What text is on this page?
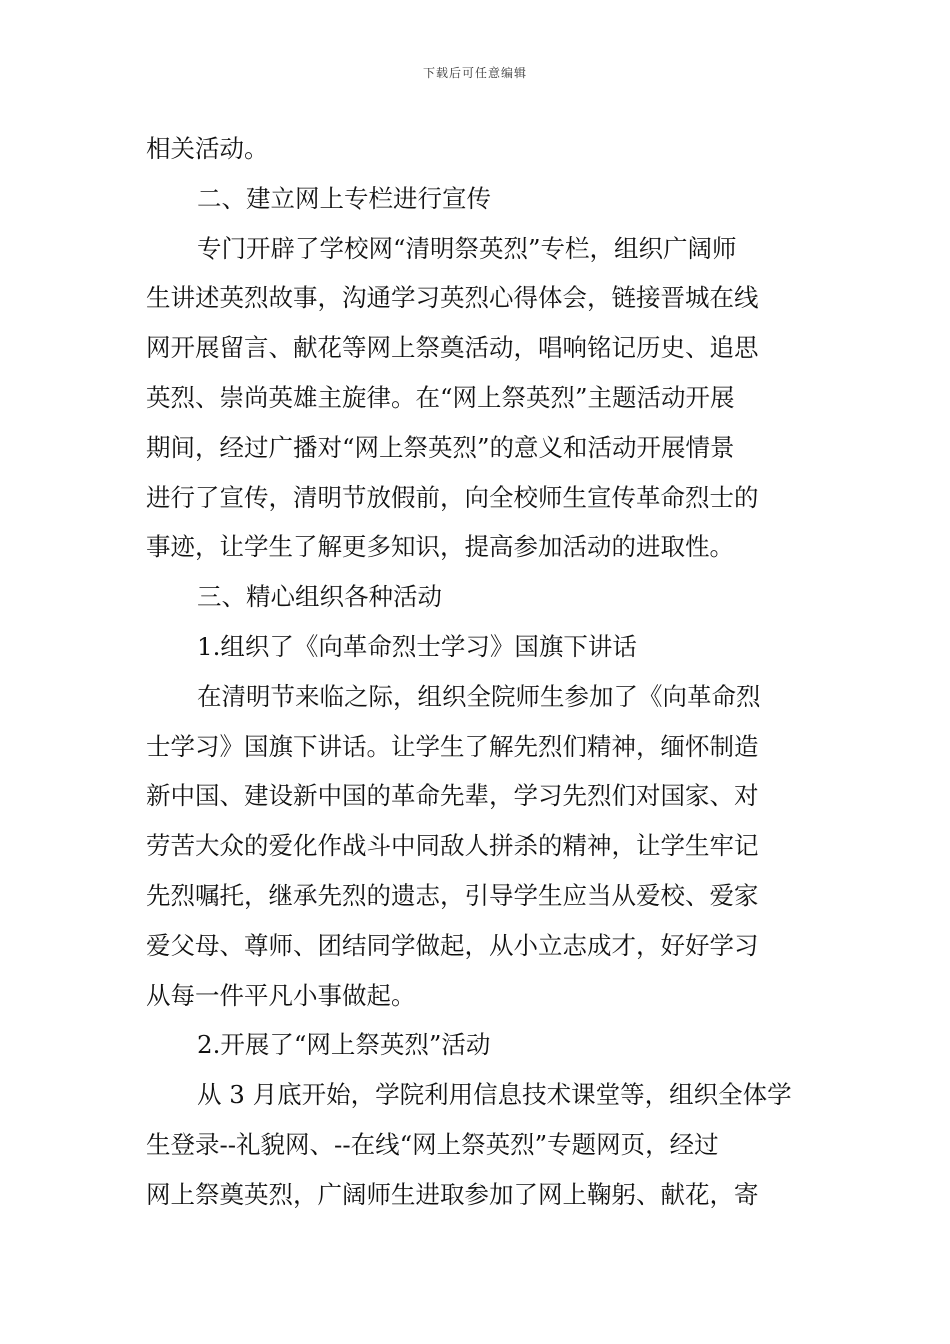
下载后可任意编辑
相关活动。
二、建立网上专栏进行宣传
专门开辟了学校网“清明祭英烈”专栏，组织广阔师
生讲述英烈故事，沟通学习英烈心得体会，链接晋城在线
网开展留言、献花等网上祭奠活动，唱响铭记历史、追思
英烈、崇尚英雄主旋律。在“网上祭英烈”主题活动开展
期间，经过广播对“网上祭英烈”的意义和活动开展情景
进行了宣传，清明节放假前，向全校师生宣传革命烈士的
事迹，让学生了解更多知识，提高参加活动的进取性。
三、精心组织各种活动
1.组织了《向革命烈士学习》国旗下讲话
在清明节来临之际，组织全院师生参加了《向革命烈
士学习》国旗下讲话。让学生了解先烈们精神，缅怀制造
新中国、建设新中国的革命先辈，学习先烈们对国家、对
劳苦大众的爱化作战斗中同敌人拼杀的精神，让学生牢记
先烈嘱托，继承先烈的遗志，引导学生应当从爱校、爱家
爱父母、尊师、团结同学做起，从小立志成才，好好学习
从每一件平凡小事做起。
2.开展了“网上祭英烈”活动
从 3 月底开始，学院利用信息技术课堂等，组织全体学
生登录--礼貌网、--在线“网上祭英烈”专题网页，经过
网上祭奠英烈，广阔师生进取参加了网上鞠躬、献花，寄
